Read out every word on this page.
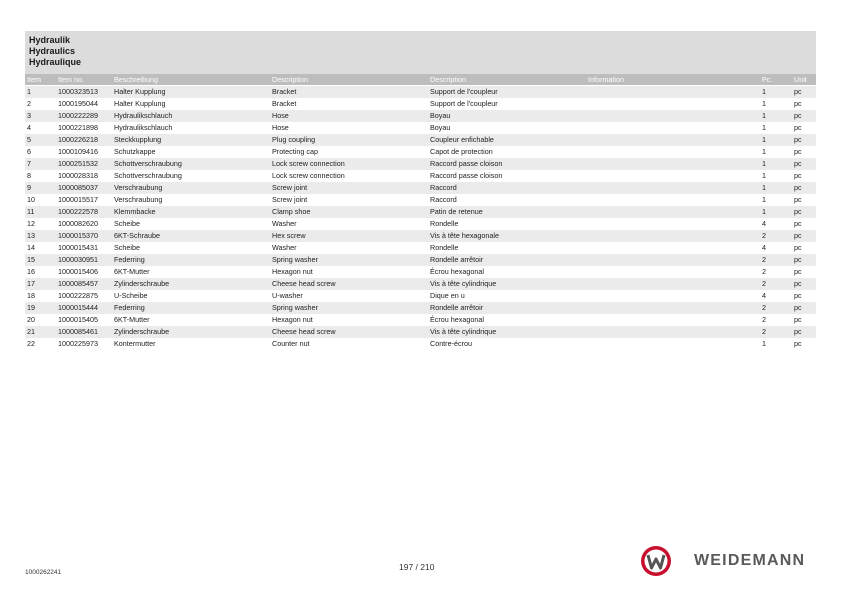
Hydraulik
Hydraulics
Hydraulique
Item Item no.	Beschreibung	Description	Description	Information	Pc.	Unit
1	1000323513 Halter Kupplung	Bracket	Support de l'coupleur	1	pc
2	1000195044 Halter Kupplung	Bracket	Support de l'coupleur	1	pc
3	1000222289 Hydraulikschlauch	Hose	Boyau	1	pc
4	1000221898 Hydraulikschlauch	Hose	Boyau	1	pc
5	1000226218 Steckkupplung	Plug coupling	Coupleur enfichable	1	pc
6	1000109416 Schutzkappe	Protecting cap	Capot de protection	1	pc
7	1000251532 Schottverschraubung	Lock screw connection	Raccord passe cloison	1	pc
8	1000028318 Schottverschraubung	Lock screw connection	Raccord passe cloison	1	pc
9	1000085037 Verschraubung	Screw joint	Raccord	1	pc
10	1000015517 Verschraubung	Screw joint	Raccord	1	pc
11	1000222578 Klemmbacke	Clamp shoe	Patin de retenue	1	pc
12	1000082620 Scheibe	Washer	Rondelle	4	pc
13	1000015370 6KT-Schraube	Hex screw	Vis à tête hexagonale	2	pc
14	1000015431 Scheibe	Washer	Rondelle	4	pc
15	1000030951 Federring	Spring washer	Rondelle arrêtoir	2	pc
16	1000015406 6KT-Mutter	Hexagon nut	Écrou hexagonal	2	pc
17	1000085457 Zylinderschraube	Cheese head screw	Vis à tête cylindrique	2	pc
18	1000222875 U-Scheibe	U-washer	Dique en u	4	pc
19	1000015444 Federring	Spring washer	Rondelle arrêtoir	2	pc
20	1000015405 6KT-Mutter	Hexagon nut	Écrou hexagonal	2	pc
21	1000085461 Zylinderschraube	Cheese head screw	Vis à tête cylindrique	2	pc
22	1000225973 Kontermutter	Counter nut	Contre-écrou	1	pc
1000262241
197 / 210	WEIDEMANN
